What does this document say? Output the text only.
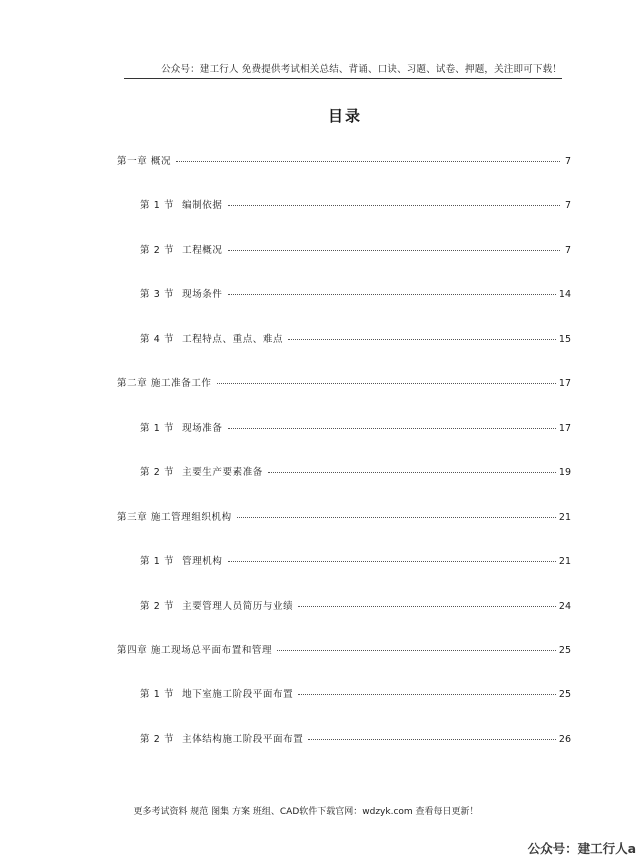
公众号：建工行人 免费提供考试相关总结、背诵、口诀、习题、试卷、押题，关注即可下载！
目录
第一章 概况	7
第 1 节 编制依据	7
第 2 节 工程概况	7
第 3 节 现场条件	14
第 4 节 工程特点、重点、难点	15
第二章 施工准备工作	17
第 1 节 现场准备	17
第 2 节 主要生产要素准备	19
第三章 施工管理组织机构	21
第 1 节 管理机构	21
第 2 节 主要管理人员简历与业绩	24
第四章 施工现场总平面布置和管理	25
第 1 节 地下室施工阶段平面布置	25
第 2 节 主体结构施工阶段平面布置	26
更多考试资料 规范 图集 方案 班组、CAD软件下载官网：wdzyk.com 查看每日更新！
公众号：建工行人a
